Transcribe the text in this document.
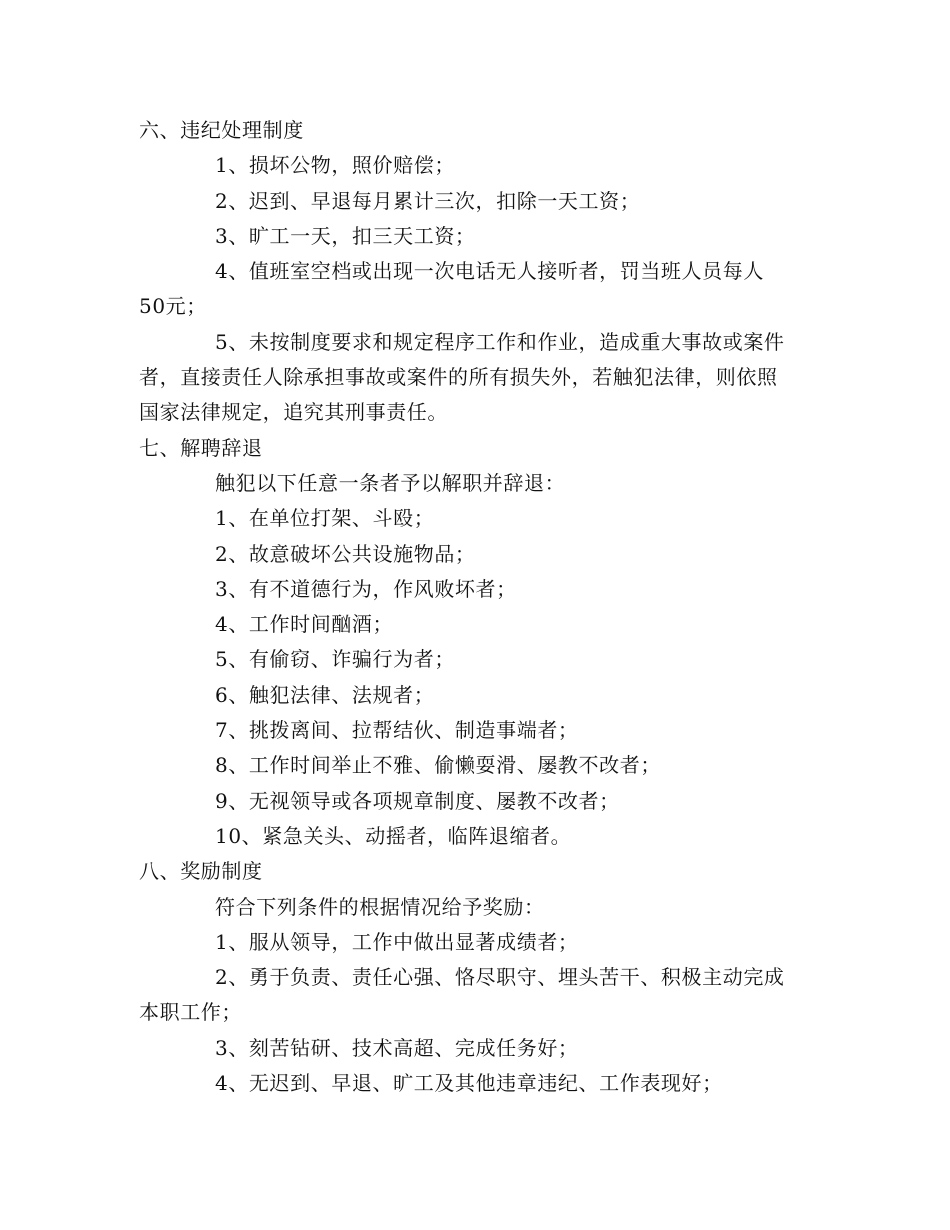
六、违纪处理制度
1、损坏公物，照价赔偿；
2、迟到、早退每月累计三次，扣除一天工资；
3、旷工一天，扣三天工资；
4、值班室空档或出现一次电话无人接听者，罚当班人员每人
50元；
5、未按制度要求和规定程序工作和作业，造成重大事故或案件
者，直接责任人除承担事故或案件的所有损失外，若触犯法律，则依照
国家法律规定，追究其刑事责任。
七、解聘辞退
触犯以下任意一条者予以解职并辞退：
1、在单位打架、斗殴；
2、故意破坏公共设施物品；
3、有不道德行为，作风败坏者；
4、工作时间酗酒；
5、有偷窃、诈骗行为者；
6、触犯法律、法规者；
7、挑拨离间、拉帮结伙、制造事端者；
8、工作时间举止不雅、偷懒耍滑、屡教不改者；
9、无视领导或各项规章制度、屡教不改者；
10、紧急关头、动摇者，临阵退缩者。
八、奖励制度
符合下列条件的根据情况给予奖励：
1、服从领导，工作中做出显著成绩者；
2、勇于负责、责任心强、恪尽职守、埋头苦干、积极主动完成
本职工作；
3、刻苦钻研、技术高超、完成任务好；
4、无迟到、早退、旷工及其他违章违纪、工作表现好；
